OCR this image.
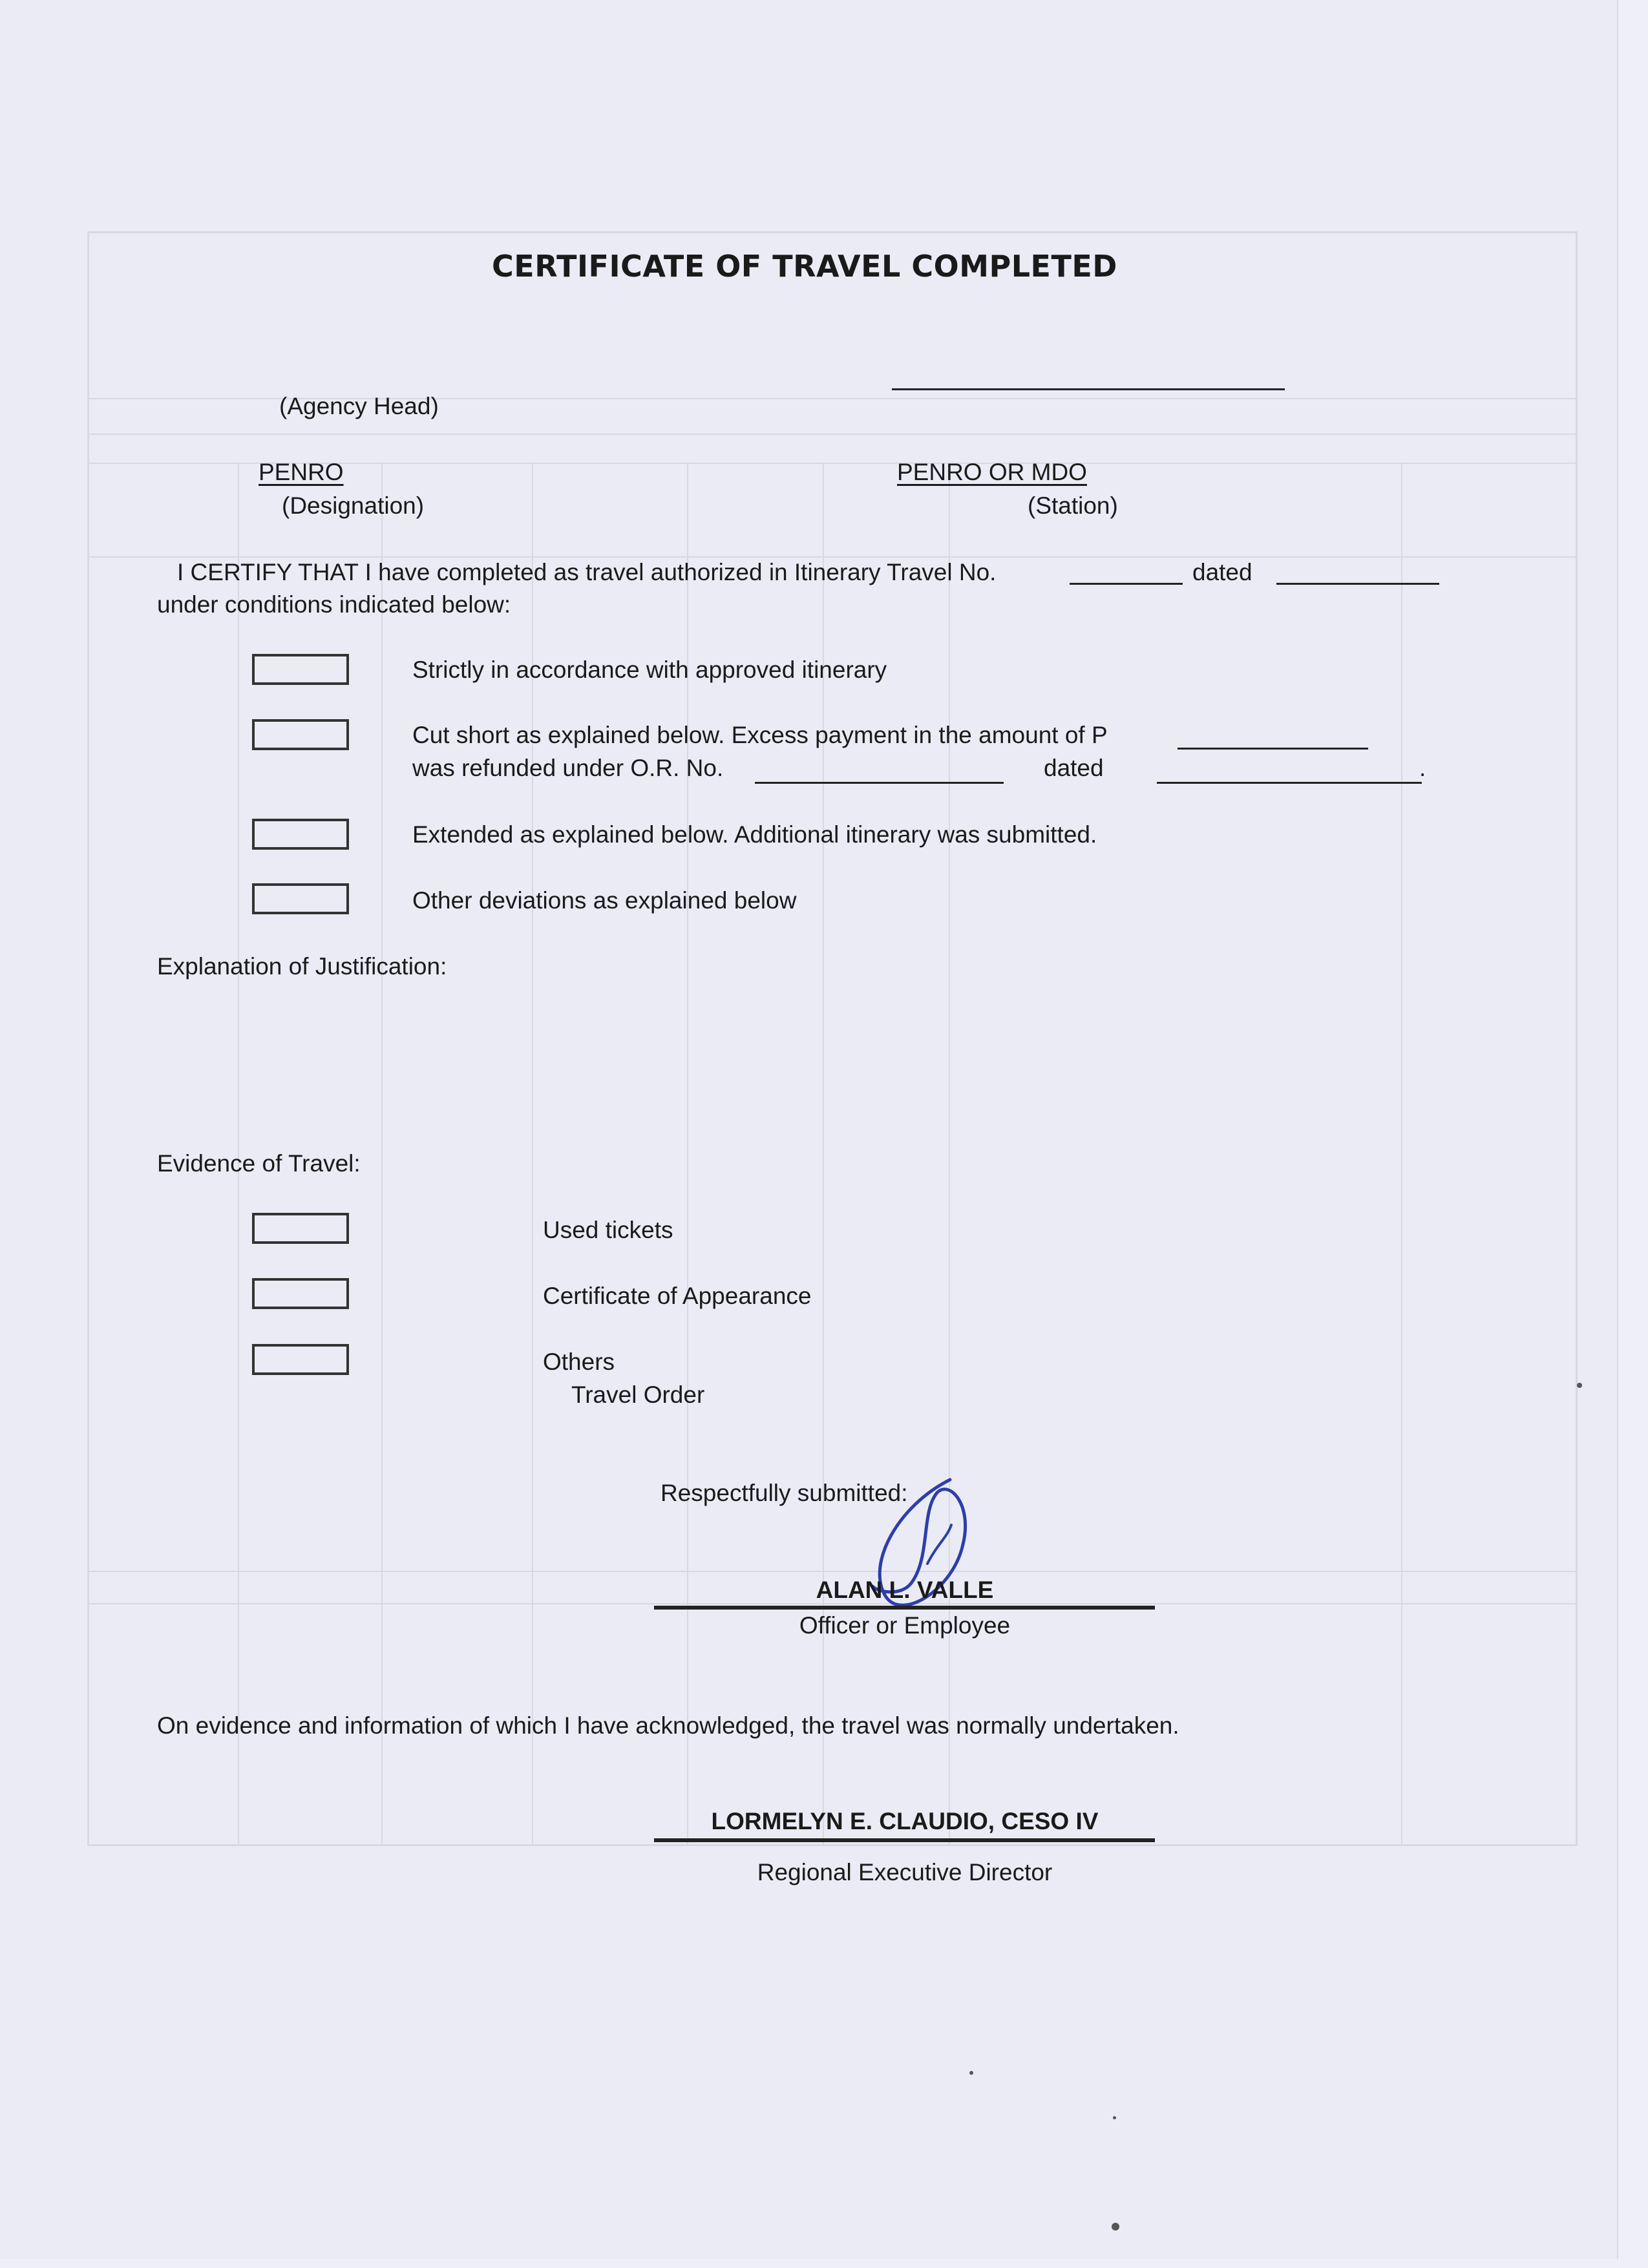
CERTIFICATE OF TRAVEL COMPLETED
(Agency Head)
PENRO
(Designation)
PENRO OR MDO
(Station)
I CERTIFY THAT I have completed as travel authorized in Itinerary Travel No.	dated
under conditions indicated below:
Strictly in accordance with approved itinerary
Cut short as explained below. Excess payment in the amount of P
was refunded under O.R. No.	dated	.
Extended as explained below. Additional itinerary was submitted.
Other deviations as explained below
Explanation of Justification:
Evidence of Travel:
Used tickets
Certificate of Appearance
Others
Travel Order
Respectfully submitted:
ALAN L. VALLE
Officer or Employee
On evidence and information of which I have acknowledged, the travel was normally undertaken.
LORMELYN E. CLAUDIO, CESO IV
Regional Executive Director
